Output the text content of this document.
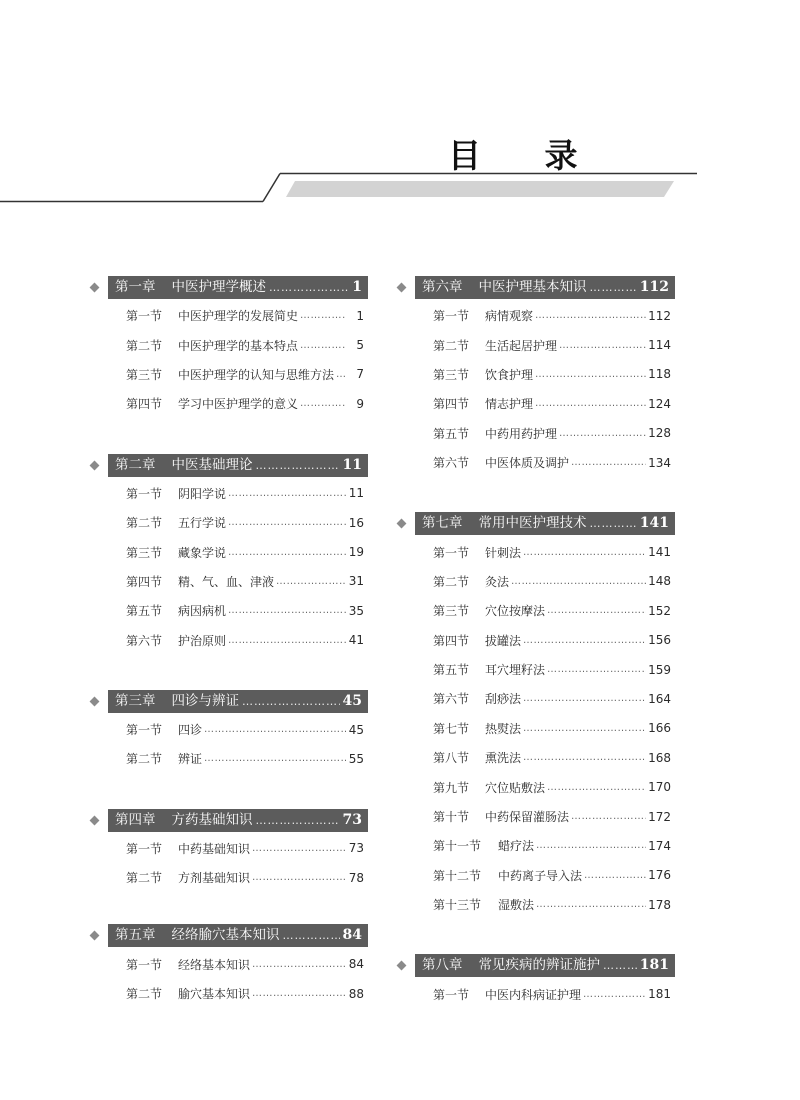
目 录
第一章 中医护理学概述 …………………………………………………………………………	1
第一节	中医护理学的发展简史 …………………………………………………………………………………………	1
第二节	中医护理学的基本特点 …………………………………………………………………………………………	5
第三节	中医护理学的认知与思维方法 …………………………………………………………………………………………	7
第四节	学习中医护理学的意义 …………………………………………………………………………………………	9
第二章 中医基础理论 …………………………………………………………………………	11
第一节	阴阳学说 …………………………………………………………………………………………	11
第二节	五行学说 …………………………………………………………………………………………	16
第三节	藏象学说 …………………………………………………………………………………………	19
第四节	精、气、血、津液 …………………………………………………………………………………………	31
第五节	病因病机 …………………………………………………………………………………………	35
第六节	护治原则 …………………………………………………………………………………………	41
第三章 四诊与辨证 …………………………………………………………………………	45
第一节	四诊 …………………………………………………………………………………………	45
第二节	辨证 …………………………………………………………………………………………	55
第四章 方药基础知识 …………………………………………………………………………	73
第一节	中药基础知识 …………………………………………………………………………………………	73
第二节	方剂基础知识 …………………………………………………………………………………………	78
第五章 经络腧穴基本知识 …………………………………………………………………………	84
第一节	经络基本知识 …………………………………………………………………………………………	84
第二节	腧穴基本知识 …………………………………………………………………………………………	88
第六章 中医护理基本知识 …………………………………………………………………………	112
第一节	病情观察 …………………………………………………………………………………………	112
第二节	生活起居护理 …………………………………………………………………………………………	114
第三节	饮食护理 …………………………………………………………………………………………	118
第四节	情志护理 …………………………………………………………………………………………	124
第五节	中药用药护理 …………………………………………………………………………………………	128
第六节	中医体质及调护 …………………………………………………………………………………………	134
第七章 常用中医护理技术 …………………………………………………………………………	141
第一节	针刺法 …………………………………………………………………………………………	141
第二节	灸法 …………………………………………………………………………………………	148
第三节	穴位按摩法 …………………………………………………………………………………………	152
第四节	拔罐法 …………………………………………………………………………………………	156
第五节	耳穴埋籽法 …………………………………………………………………………………………	159
第六节	刮痧法 …………………………………………………………………………………………	164
第七节	热熨法 …………………………………………………………………………………………	166
第八节	熏洗法 …………………………………………………………………………………………	168
第九节	穴位贴敷法 …………………………………………………………………………………………	170
第十节	中药保留灌肠法 …………………………………………………………………………………………	172
第十一节	蜡疗法 …………………………………………………………………………………………	174
第十二节	中药离子导入法 …………………………………………………………………………………………	176
第十三节	湿敷法 …………………………………………………………………………………………	178
第八章 常见疾病的辨证施护 …………………………………………………………………………	181
第一节	中医内科病证护理 …………………………………………………………………………………………	181
